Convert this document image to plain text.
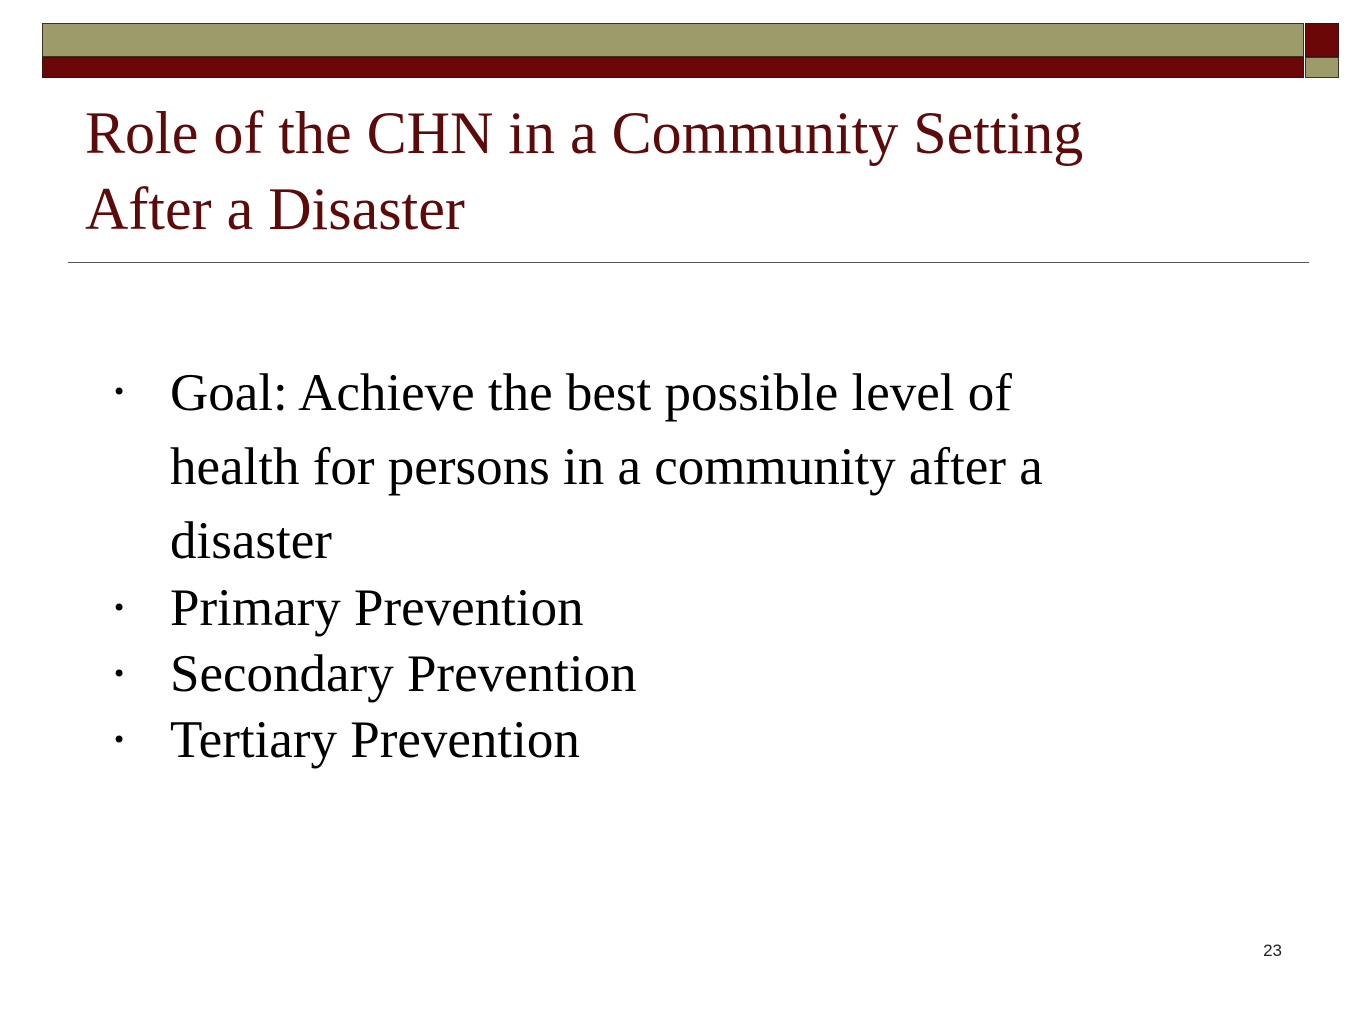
Role of the CHN in a Community Setting
After a Disaster
• Goal: Achieve the best possible level of
health for persons in a community after a
disaster
• Primary Prevention
• Secondary Prevention
• Tertiary Prevention
23
